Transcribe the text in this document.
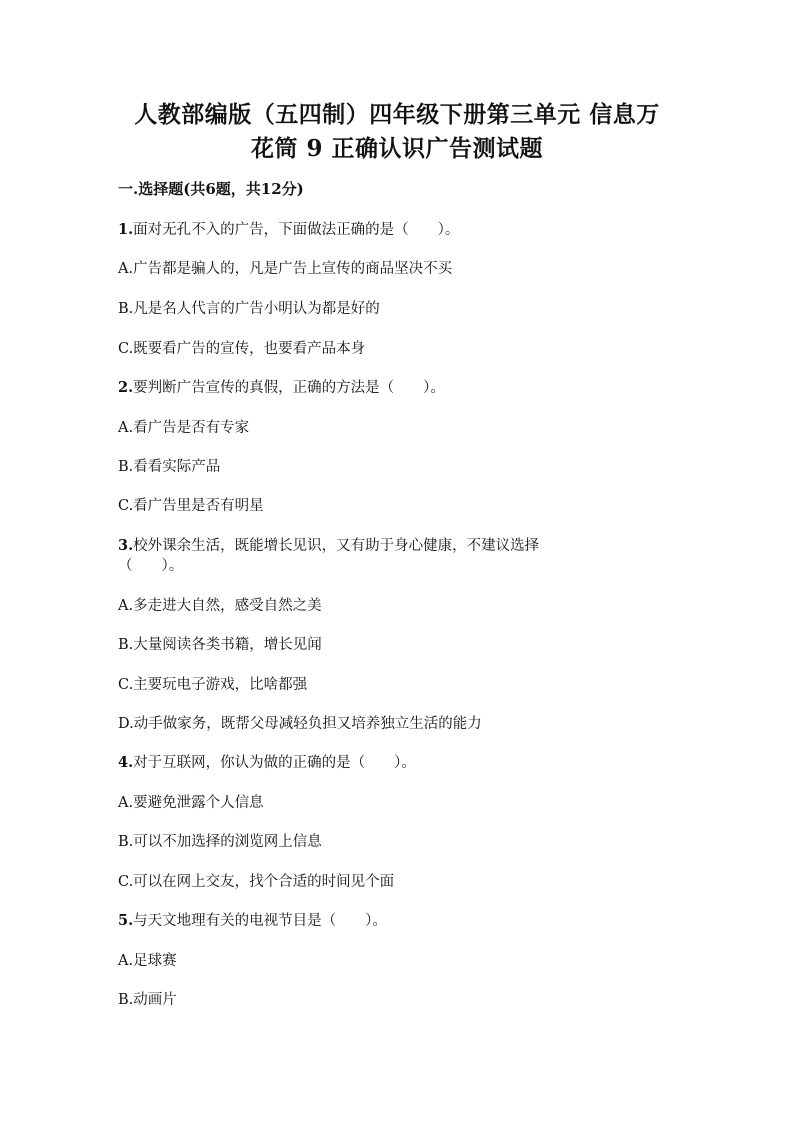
人教部编版（五四制）四年级下册第三单元 信息万
花筒 9 正确认识广告测试题

一.选择题(共6题，共12分)

1.面对无孔不入的广告，下面做法正确的是（　　）。

A.广告都是骗人的，凡是广告上宣传的商品坚决不买

B.凡是名人代言的广告小明认为都是好的

C.既要看广告的宣传，也要看产品本身

2.要判断广告宣传的真假，正确的方法是（　　）。

A.看广告是否有专家

B.看看实际产品

C.看广告里是否有明星

3.校外课余生活，既能增长见识，又有助于身心健康，不建议选择

（　　）。

A.多走进大自然，感受自然之美

B.大量阅读各类书籍，增长见闻

C.主要玩电子游戏，比啥都强

D.动手做家务，既帮父母减轻负担又培养独立生活的能力

4.对于互联网，你认为做的正确的是（　　）。

A.要避免泄露个人信息

B.可以不加选择的浏览网上信息

C.可以在网上交友，找个合适的时间见个面

5.与天文地理有关的电视节目是（　　）。

A.足球赛

B.动画片
